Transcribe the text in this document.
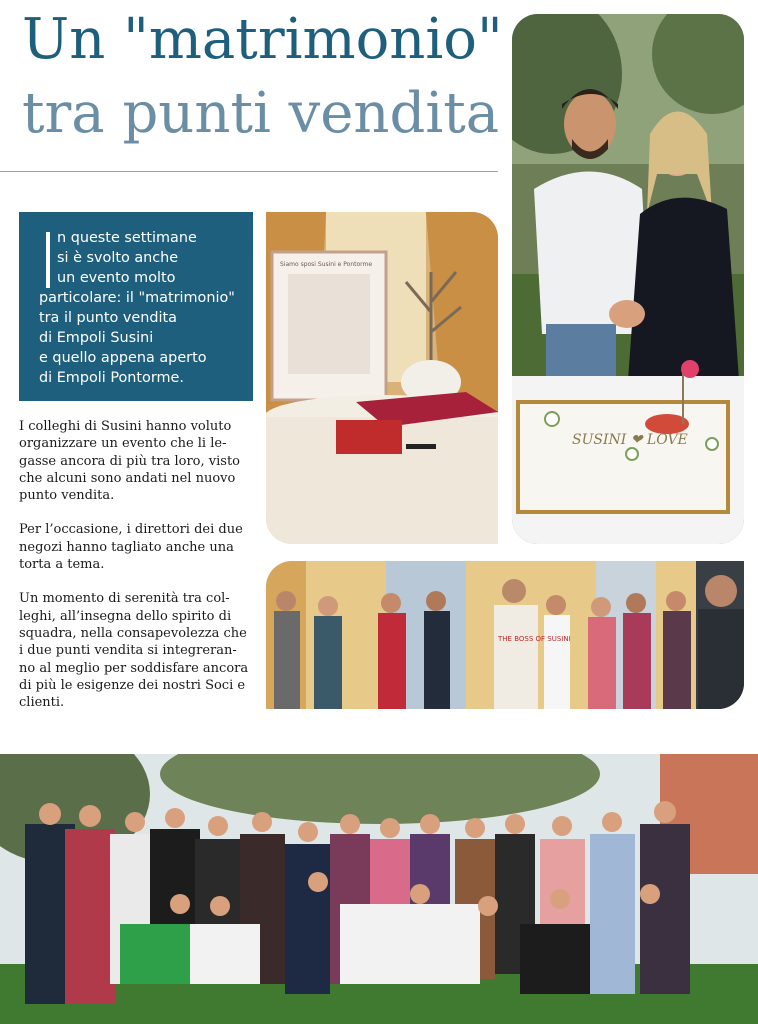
Un "matrimonio"
tra punti vendita
n queste settimane
si è svolto anche
un evento molto
particolare: il "matrimonio"
tra il punto vendita
di Empoli Susini
e quello appena aperto
di Empoli Pontorme.

I colleghi di Susini hanno voluto
organizzare un evento che li le-
gasse ancora di più tra loro, visto
che alcuni sono andati nel nuovo
punto vendita.

Per l’occasione, i direttori dei due
negozi hanno tagliato anche una
torta a tema.

Un momento di serenità tra col-
leghi, all’insegna dello spirito di
squadra, nella consapevolezza che
i due punti vendita si integreran-
no al meglio per soddisfare ancora
di più le esigenze dei nostri Soci e
clienti.

SUSINI ❤ LOVE
Siamo sposi Susini e Pontorme
THE BOSS OF SUSINI
